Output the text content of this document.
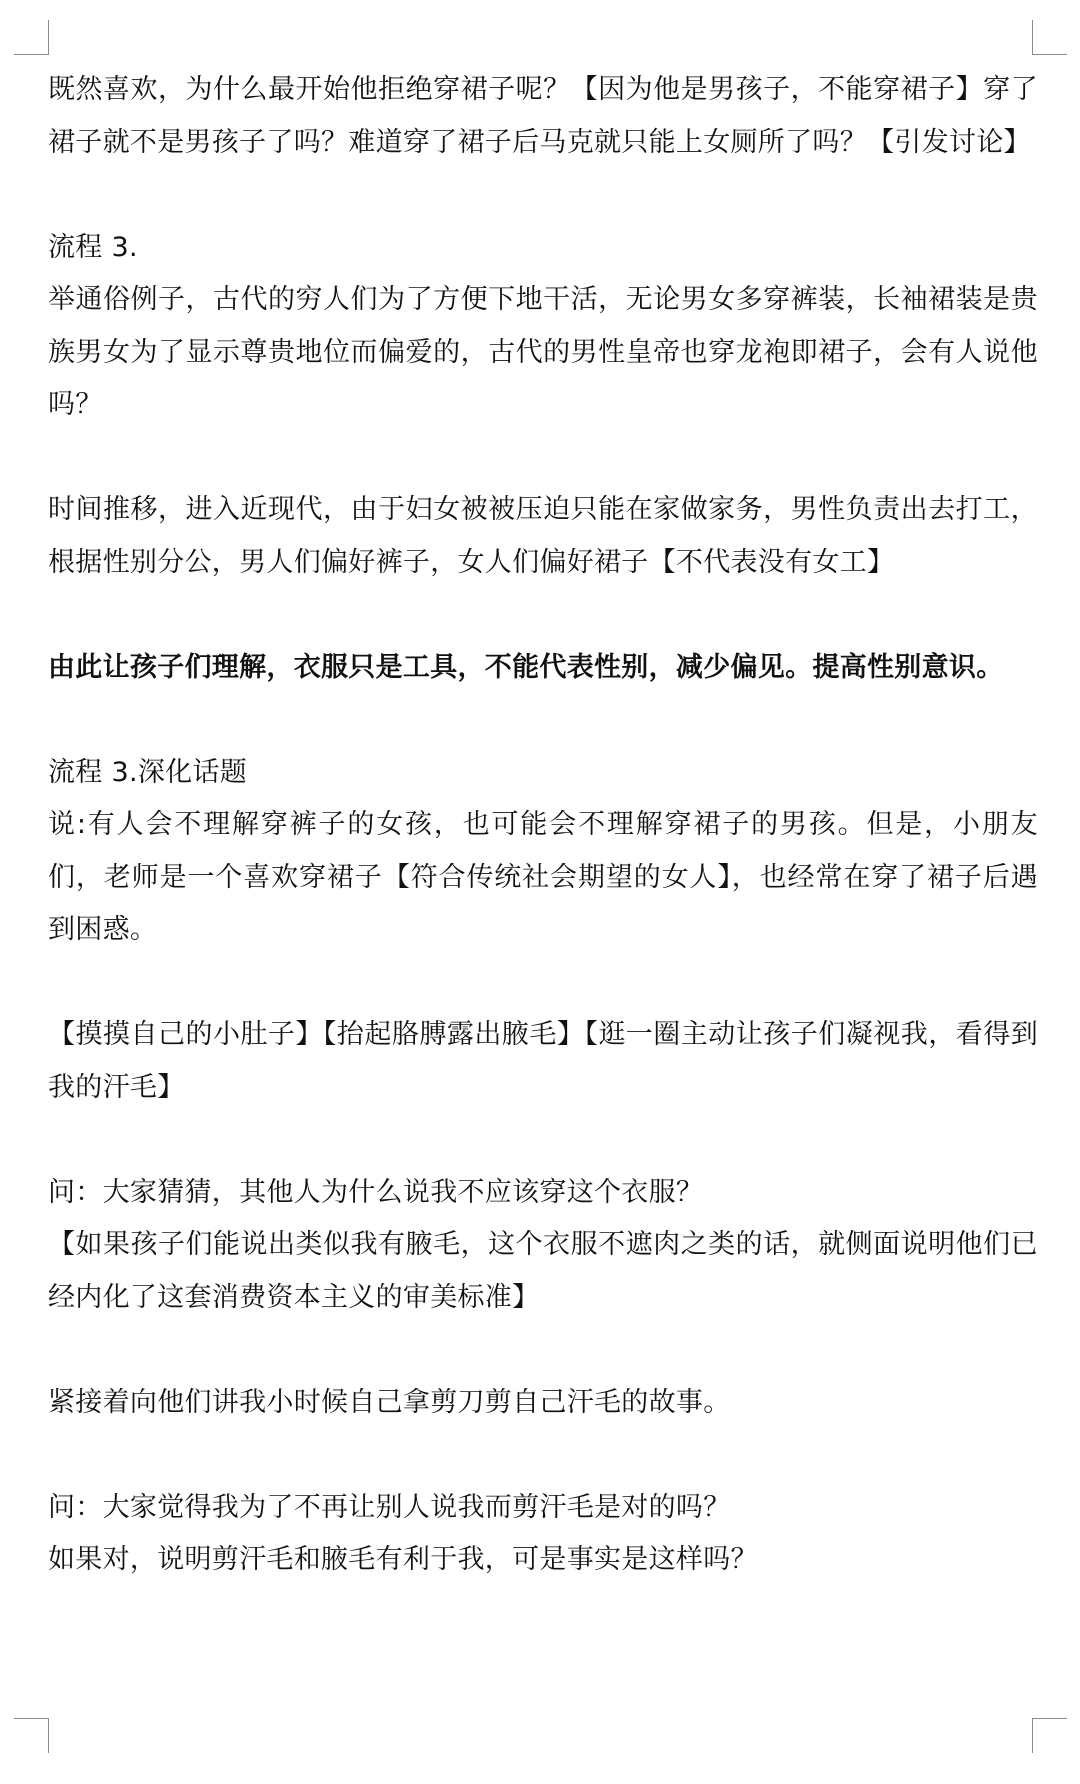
既然喜欢，为什么最开始他拒绝穿裙子呢？【因为他是男孩子，不能穿裙子】穿了裙子就不是男孩子了吗？难道穿了裙子后马克就只能上女厕所了吗？【引发讨论】

流程 3.

举通俗例子，古代的穷人们为了方便下地干活，无论男女多穿裤装，长袖裙装是贵族男女为了显示尊贵地位而偏爱的，古代的男性皇帝也穿龙袍即裙子，会有人说他吗？

时间推移，进入近现代，由于妇女被被压迫只能在家做家务，男性负责出去打工，根据性别分公，男人们偏好裤子，女人们偏好裙子【不代表没有女工】

由此让孩子们理解，衣服只是工具，不能代表性别，减少偏见。提高性别意识。

流程 3.深化话题

说:有人会不理解穿裤子的女孩，也可能会不理解穿裙子的男孩。但是，小朋友们，老师是一个喜欢穿裙子【符合传统社会期望的女人】，也经常在穿了裙子后遇到困惑。

【摸摸自己的小肚子】【抬起胳膊露出腋毛】【逛一圈主动让孩子们凝视我，看得到我的汗毛】

问：大家猜猜，其他人为什么说我不应该穿这个衣服？

【如果孩子们能说出类似我有腋毛，这个衣服不遮肉之类的话，就侧面说明他们已经内化了这套消费资本主义的审美标准】

紧接着向他们讲我小时候自己拿剪刀剪自己汗毛的故事。

问：大家觉得我为了不再让别人说我而剪汗毛是对的吗？

如果对，说明剪汗毛和腋毛有利于我，可是事实是这样吗？
